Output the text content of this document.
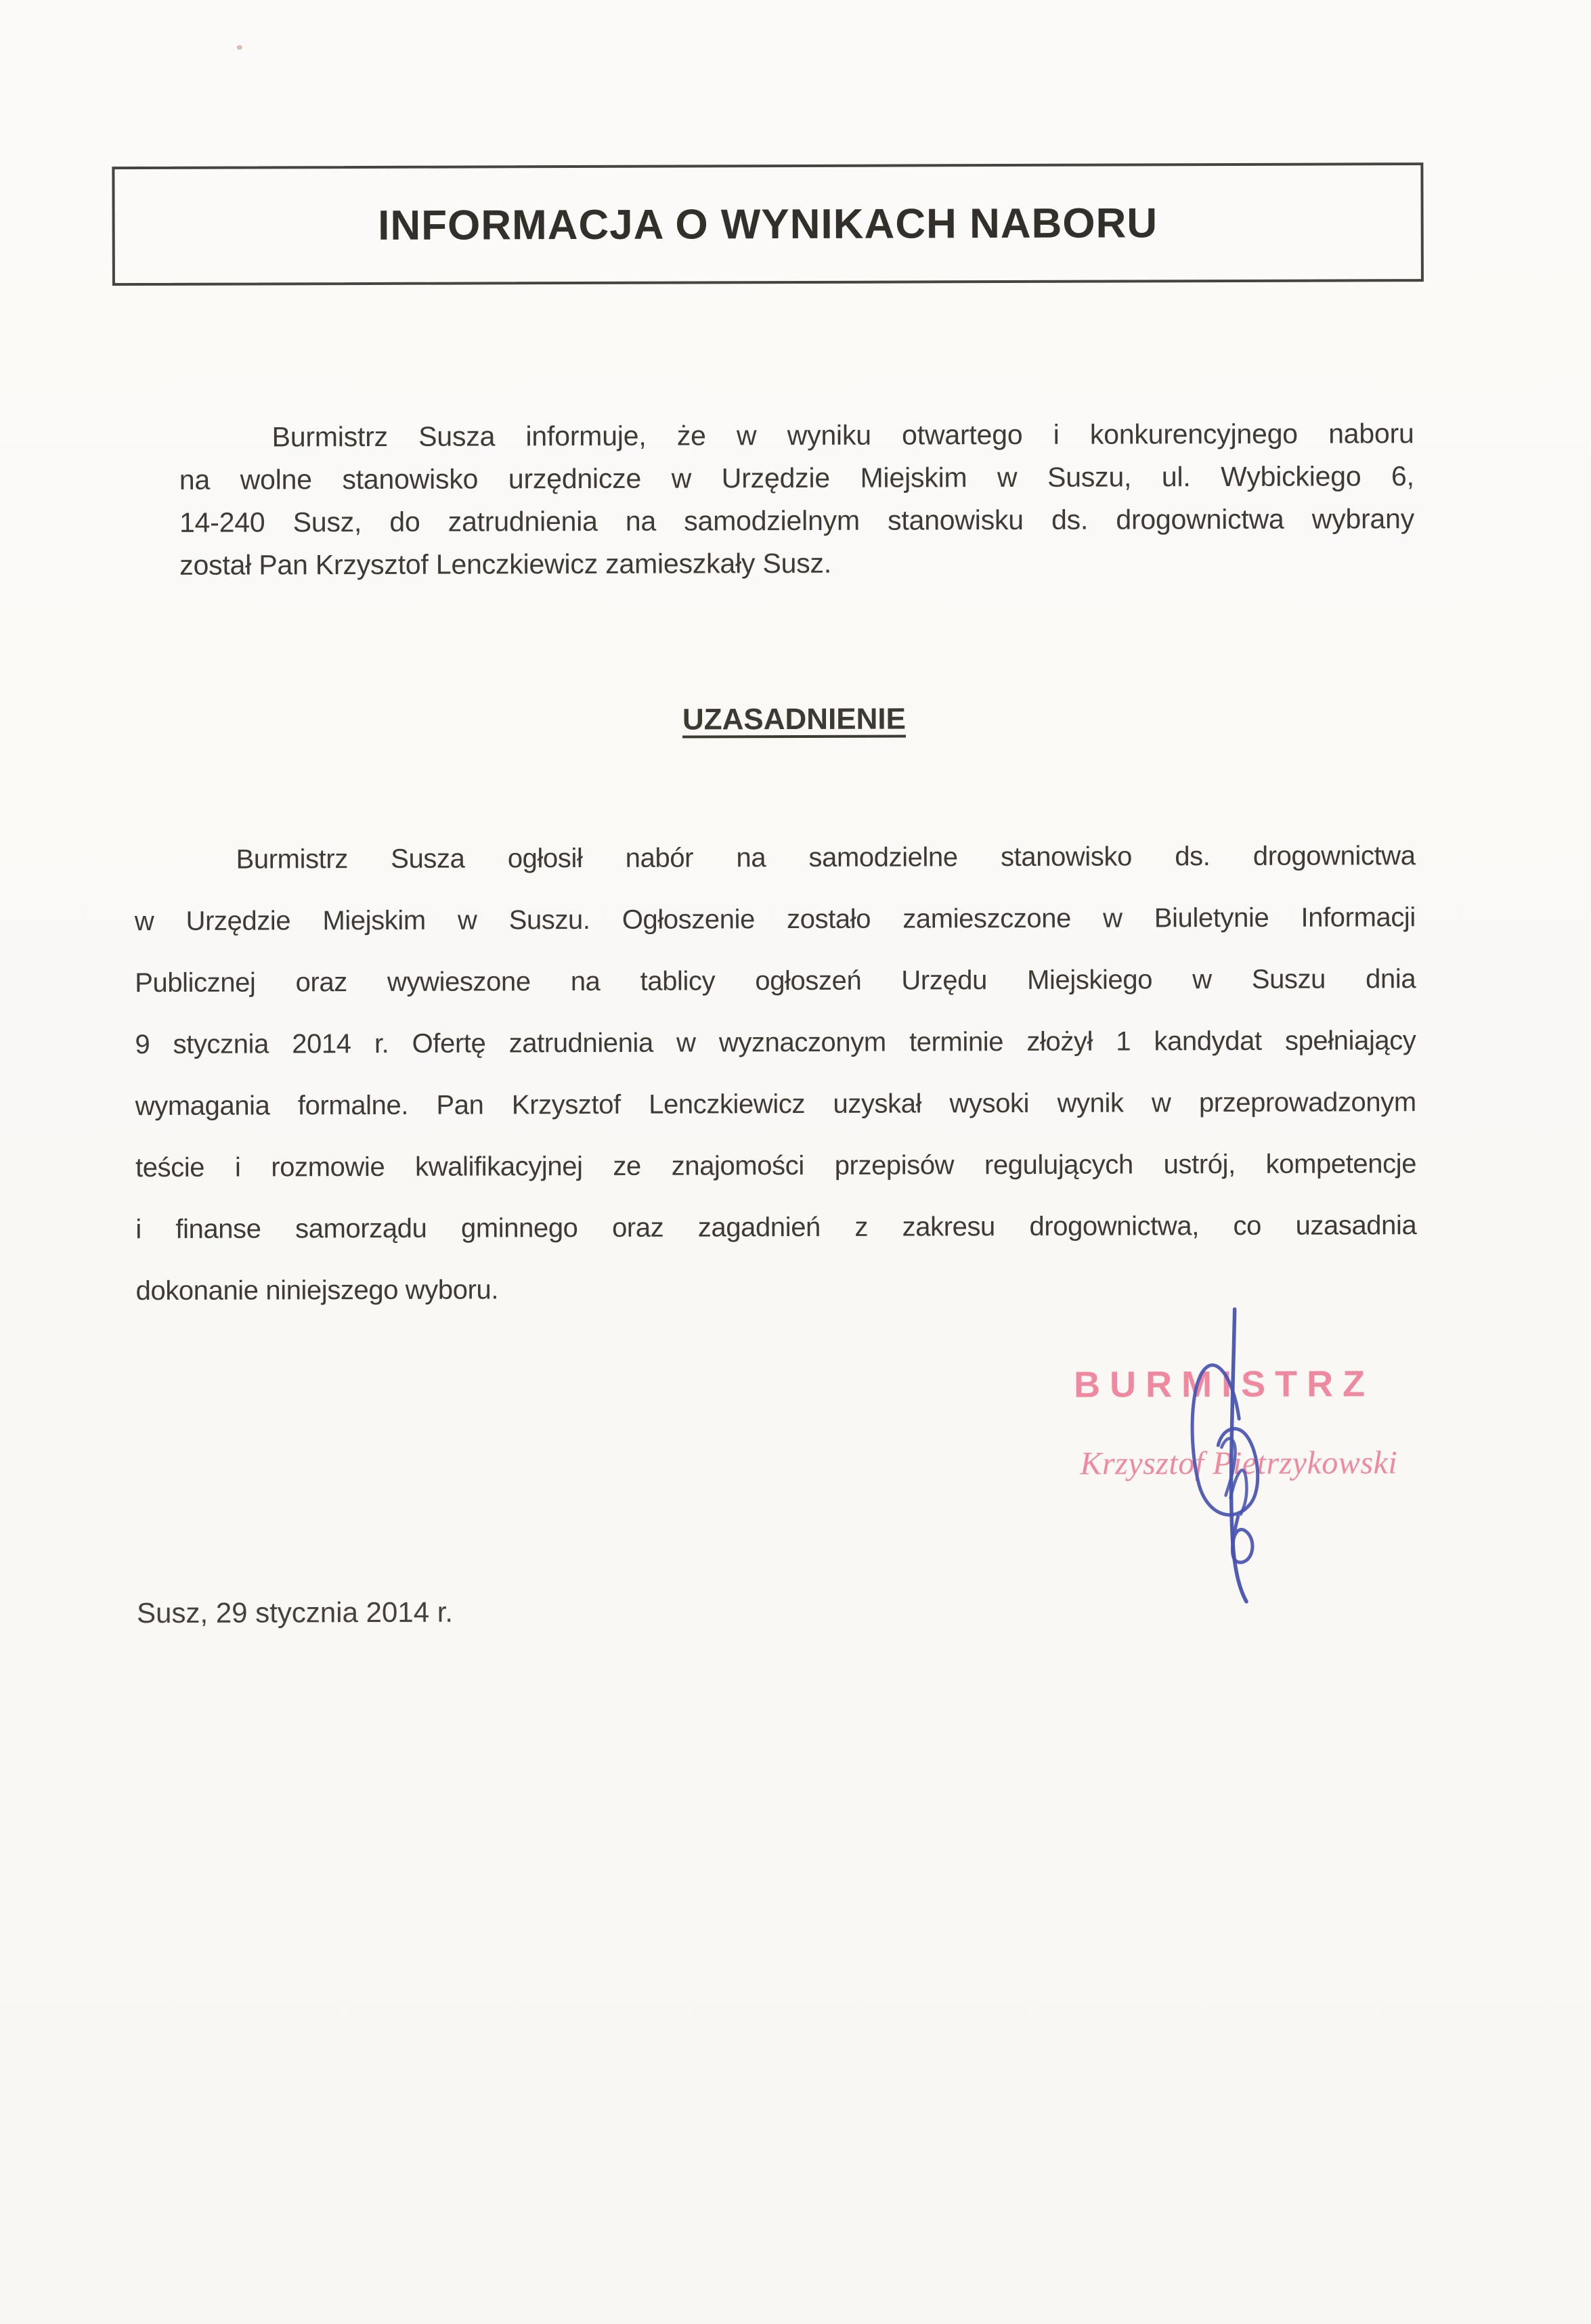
INFORMACJA O WYNIKACH NABORU
Burmistrz Susza informuje, że w wyniku otwartego i konkurencyjnego naboru
na wolne stanowisko urzędnicze w Urzędzie Miejskim w Suszu, ul. Wybickiego 6,
14-240 Susz, do zatrudnienia na samodzielnym stanowisku ds. drogownictwa wybrany
został Pan Krzysztof Lenczkiewicz zamieszkały Susz.
UZASADNIENIE
Burmistrz Susza ogłosił nabór na samodzielne stanowisko ds. drogownictwa
w Urzędzie Miejskim w Suszu. Ogłoszenie zostało zamieszczone w Biuletynie Informacji
Publicznej oraz wywieszone na tablicy ogłoszeń Urzędu Miejskiego w Suszu dnia
9 stycznia 2014 r. Ofertę zatrudnienia w wyznaczonym terminie złożył 1 kandydat spełniający
wymagania formalne. Pan Krzysztof Lenczkiewicz uzyskał wysoki wynik w przeprowadzonym
teście i rozmowie kwalifikacyjnej ze znajomości przepisów regulujących ustrój, kompetencje
i finanse samorządu gminnego oraz zagadnień z zakresu drogownictwa, co uzasadnia
dokonanie niniejszego wyboru.
BURMISTRZ
Krzysztof Pietrzykowski
Susz, 29 stycznia 2014 r.
